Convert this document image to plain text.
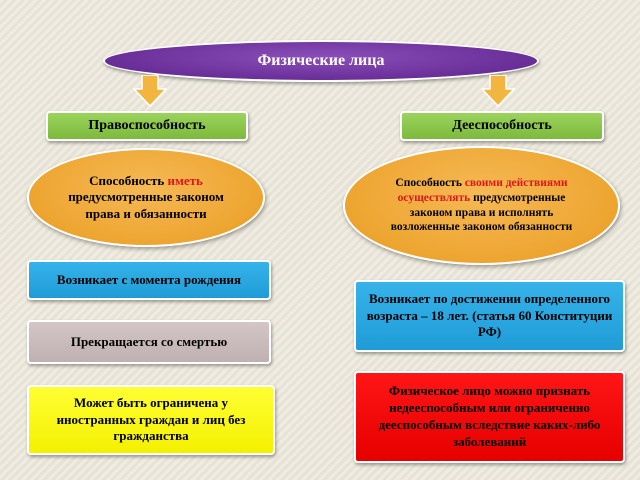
Физические лица
Правоспособность	Дееспособность
Способность иметь предусмотренные законом права и обязанности
Способность своими действиями осуществлять предусмотренные законом права и исполнять возложенные законом обязанности
Возникает с момента рождения
Прекращается со смертью
Может быть ограничена у иностранных граждан и лиц без гражданства
Возникает по достижении определенного возраста – 18 лет. (статья 60 Конституции РФ)
Физическое лицо можно признать недееспособным или ограниченно дееспособным вследствие каких-либо заболеваний
